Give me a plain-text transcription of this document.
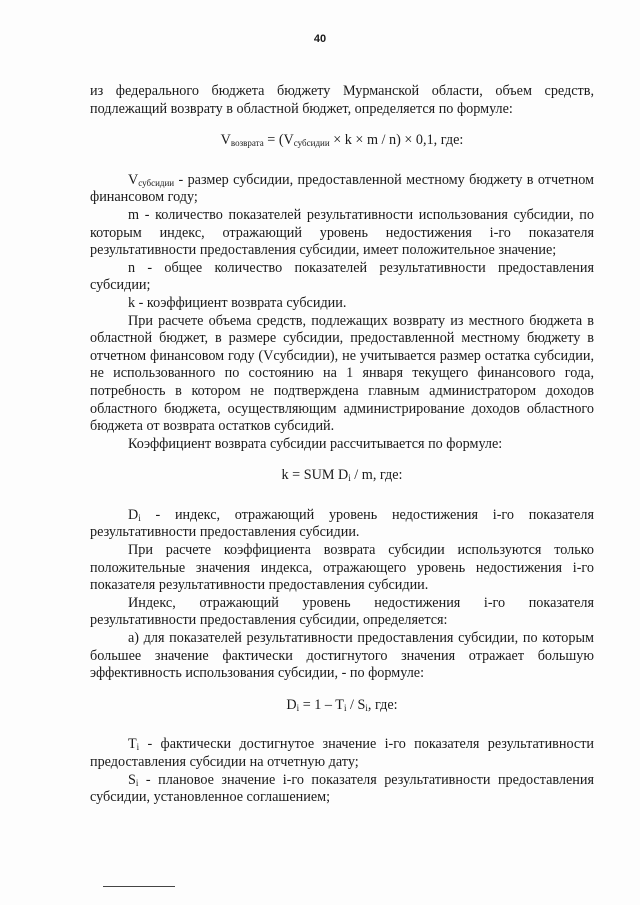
40

из федерального бюджета бюджету Мурманской области, объем средств, подлежащий возврату в областной бюджет, определяется по формуле:

$V_{возврата} = (V_{субсидии} \times k \times m / n) \times 0,1$, где:

$V_{субсидии}$ - размер субсидии, предоставленной местному бюджету в отчетном финансовом году;

m - количество показателей результативности использования субсидии, по которым индекс, отражающий уровень недостижения i-го показателя результативности предоставления субсидии, имеет положительное значение;

n - общее количество показателей результативности предоставления субсидии;

k - коэффициент возврата субсидии.

При расчете объема средств, подлежащих возврату из местного бюджета в областной бюджет, в размере субсидии, предоставленной местному бюджету в отчетном финансовом году (Vсубсидии), не учитывается размер остатка субсидии, не использованного по состоянию на 1 января текущего финансового года, потребность в котором не подтверждена главным администратором доходов областного бюджета, осуществляющим администрирование доходов областного бюджета от возврата остатков субсидий.

Коэффициент возврата субсидии рассчитывается по формуле:

k = SUM $D_i$ / m, где:

$D_i$ - индекс, отражающий уровень недостижения i-го показателя результативности предоставления субсидии.

При расчете коэффициента возврата субсидии используются только положительные значения индекса, отражающего уровень недостижения i-го показателя результативности предоставления субсидии.

Индекс, отражающий уровень недостижения i-го показателя результативности предоставления субсидии, определяется:

а) для показателей результативности предоставления субсидии, по которым большее значение фактически достигнутого значения отражает большую эффективность использования субсидии, - по формуле:

$D_i = 1 - T_i / S_i$, где:

$T_i$ - фактически достигнутое значение i-го показателя результативности предоставления субсидии на отчетную дату;

$S_i$ - плановое значение i-го показателя результативности предоставления субсидии, установленное соглашением;
